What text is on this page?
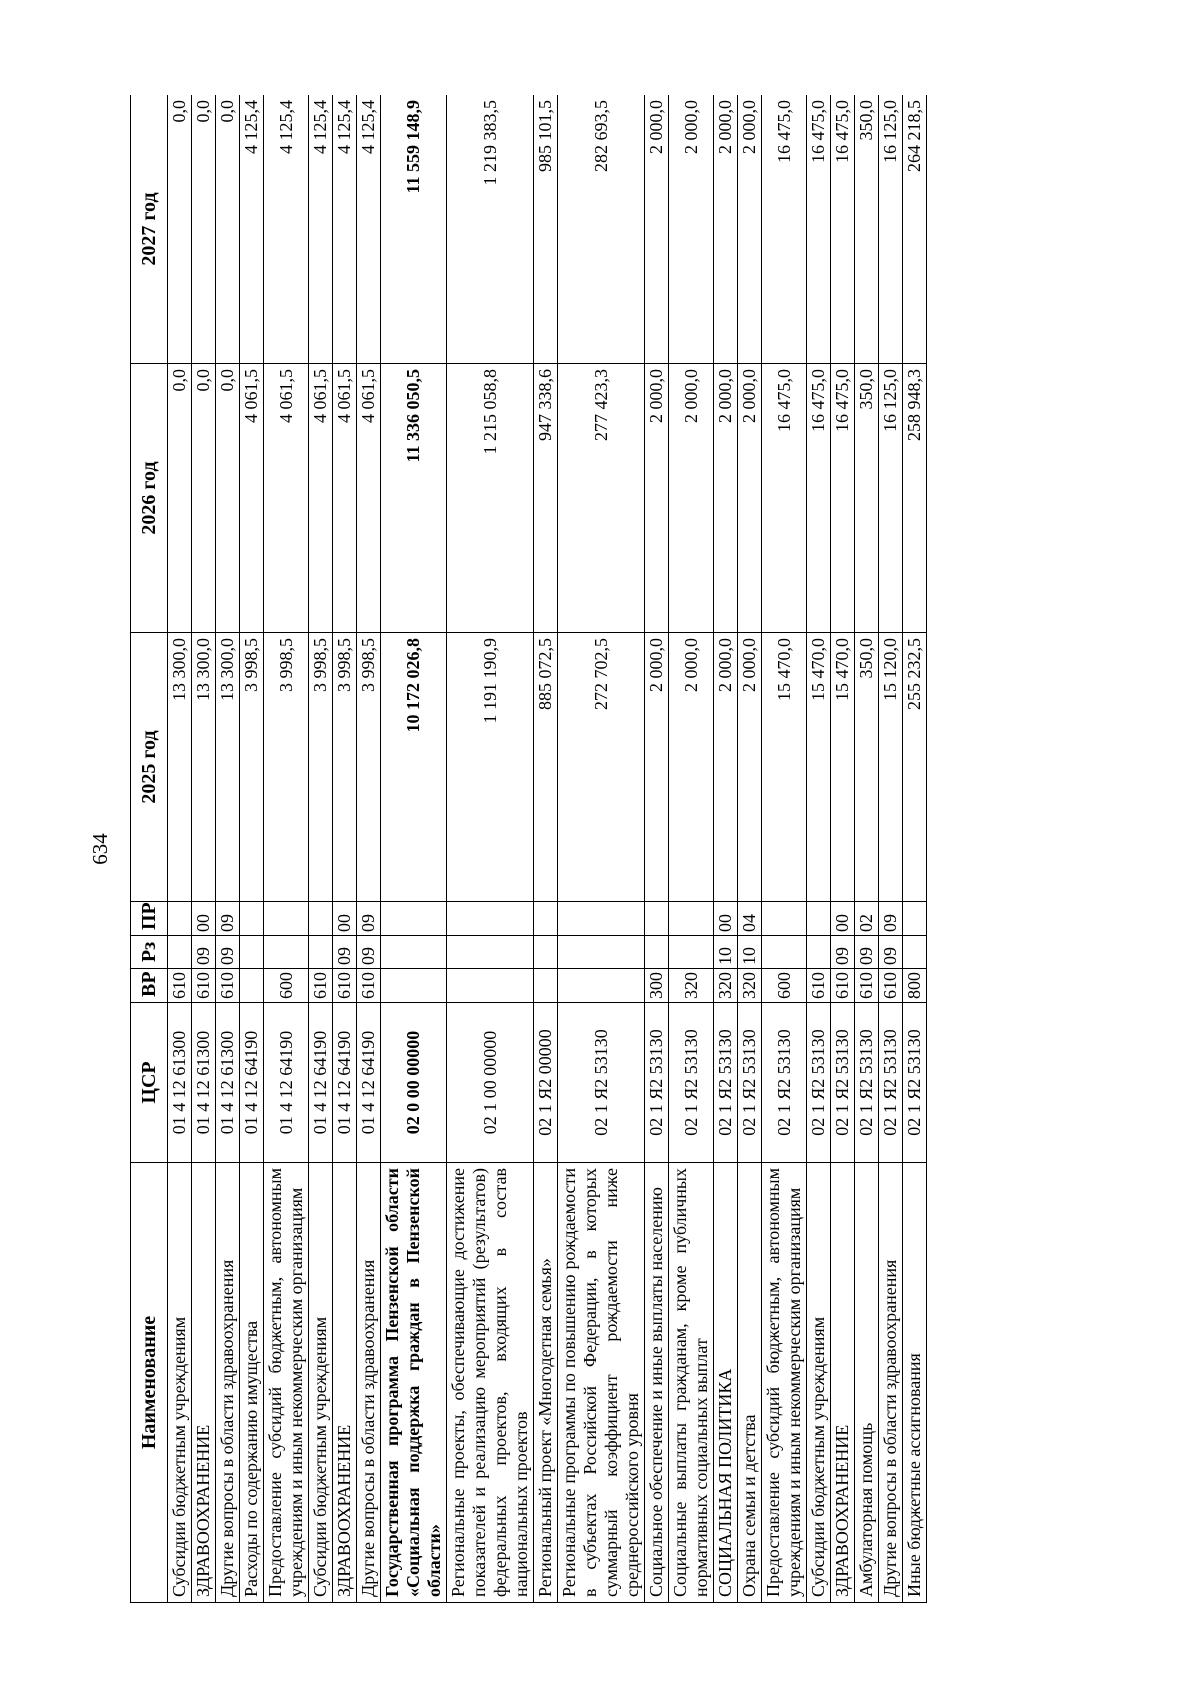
634
Наименование	ЦСР	ВР	Рз	ПР	2025 год	2026 год	2027 год
Субсидии бюджетным учреждениям	01 4 12 61300	610			13 300,0	0,0	0,0
ЗДРАВООХРАНЕНИЕ	01 4 12 61300	610	09	00	13 300,0	0,0	0,0
Другие вопросы в области здравоохранения	01 4 12 61300	610	09	09	13 300,0	0,0	0,0
Расходы по содержанию имущества	01 4 12 64190				3 998,5	4 061,5	4 125,4
Предоставление субсидий бюджетным, автономным учреждениям и иным некоммерческим организациям	01 4 12 64190	600			3 998,5	4 061,5	4 125,4
Субсидии бюджетным учреждениям	01 4 12 64190	610			3 998,5	4 061,5	4 125,4
ЗДРАВООХРАНЕНИЕ	01 4 12 64190	610	09	00	3 998,5	4 061,5	4 125,4
Другие вопросы в области здравоохранения	01 4 12 64190	610	09	09	3 998,5	4 061,5	4 125,4
Государственная программа Пензенской области «Социальная поддержка граждан в Пензенской области»	02 0 00 00000				10 172 026,8	11 336 050,5	11 559 148,9
Региональные проекты, обеспечивающие достижение показателей и реализацию мероприятий (результатов) федеральных проектов, входящих в состав национальных проектов	02 1 00 00000				1 191 190,9	1 215 058,8	1 219 383,5
Региональный проект «Многодетная семья»	02 1 Я2 00000				885 072,5	947 338,6	985 101,5
Региональные программы по повышению рождаемости в субъектах Российской Федерации, в которых суммарный коэффициент рождаемости ниже среднероссийского уровня	02 1 Я2 53130				272 702,5	277 423,3	282 693,5
Социальное обеспечение и иные выплаты населению	02 1 Я2 53130	300			2 000,0	2 000,0	2 000,0
Социальные выплаты гражданам, кроме публичных нормативных социальных выплат	02 1 Я2 53130	320			2 000,0	2 000,0	2 000,0
СОЦИАЛЬНАЯ ПОЛИТИКА	02 1 Я2 53130	320	10	00	2 000,0	2 000,0	2 000,0
Охрана семьи и детства	02 1 Я2 53130	320	10	04	2 000,0	2 000,0	2 000,0
Предоставление субсидий бюджетным, автономным учреждениям и иным некоммерческим организациям	02 1 Я2 53130	600			15 470,0	16 475,0	16 475,0
Субсидии бюджетным учреждениям	02 1 Я2 53130	610			15 470,0	16 475,0	16 475,0
ЗДРАВООХРАНЕНИЕ	02 1 Я2 53130	610	09	00	15 470,0	16 475,0	16 475,0
Амбулаторная помощь	02 1 Я2 53130	610	09	02	350,0	350,0	350,0
Другие вопросы в области здравоохранения	02 1 Я2 53130	610	09	09	15 120,0	16 125,0	16 125,0
Иные бюджетные ассигнования	02 1 Я2 53130	800			255 232,5	258 948,3	264 218,5
